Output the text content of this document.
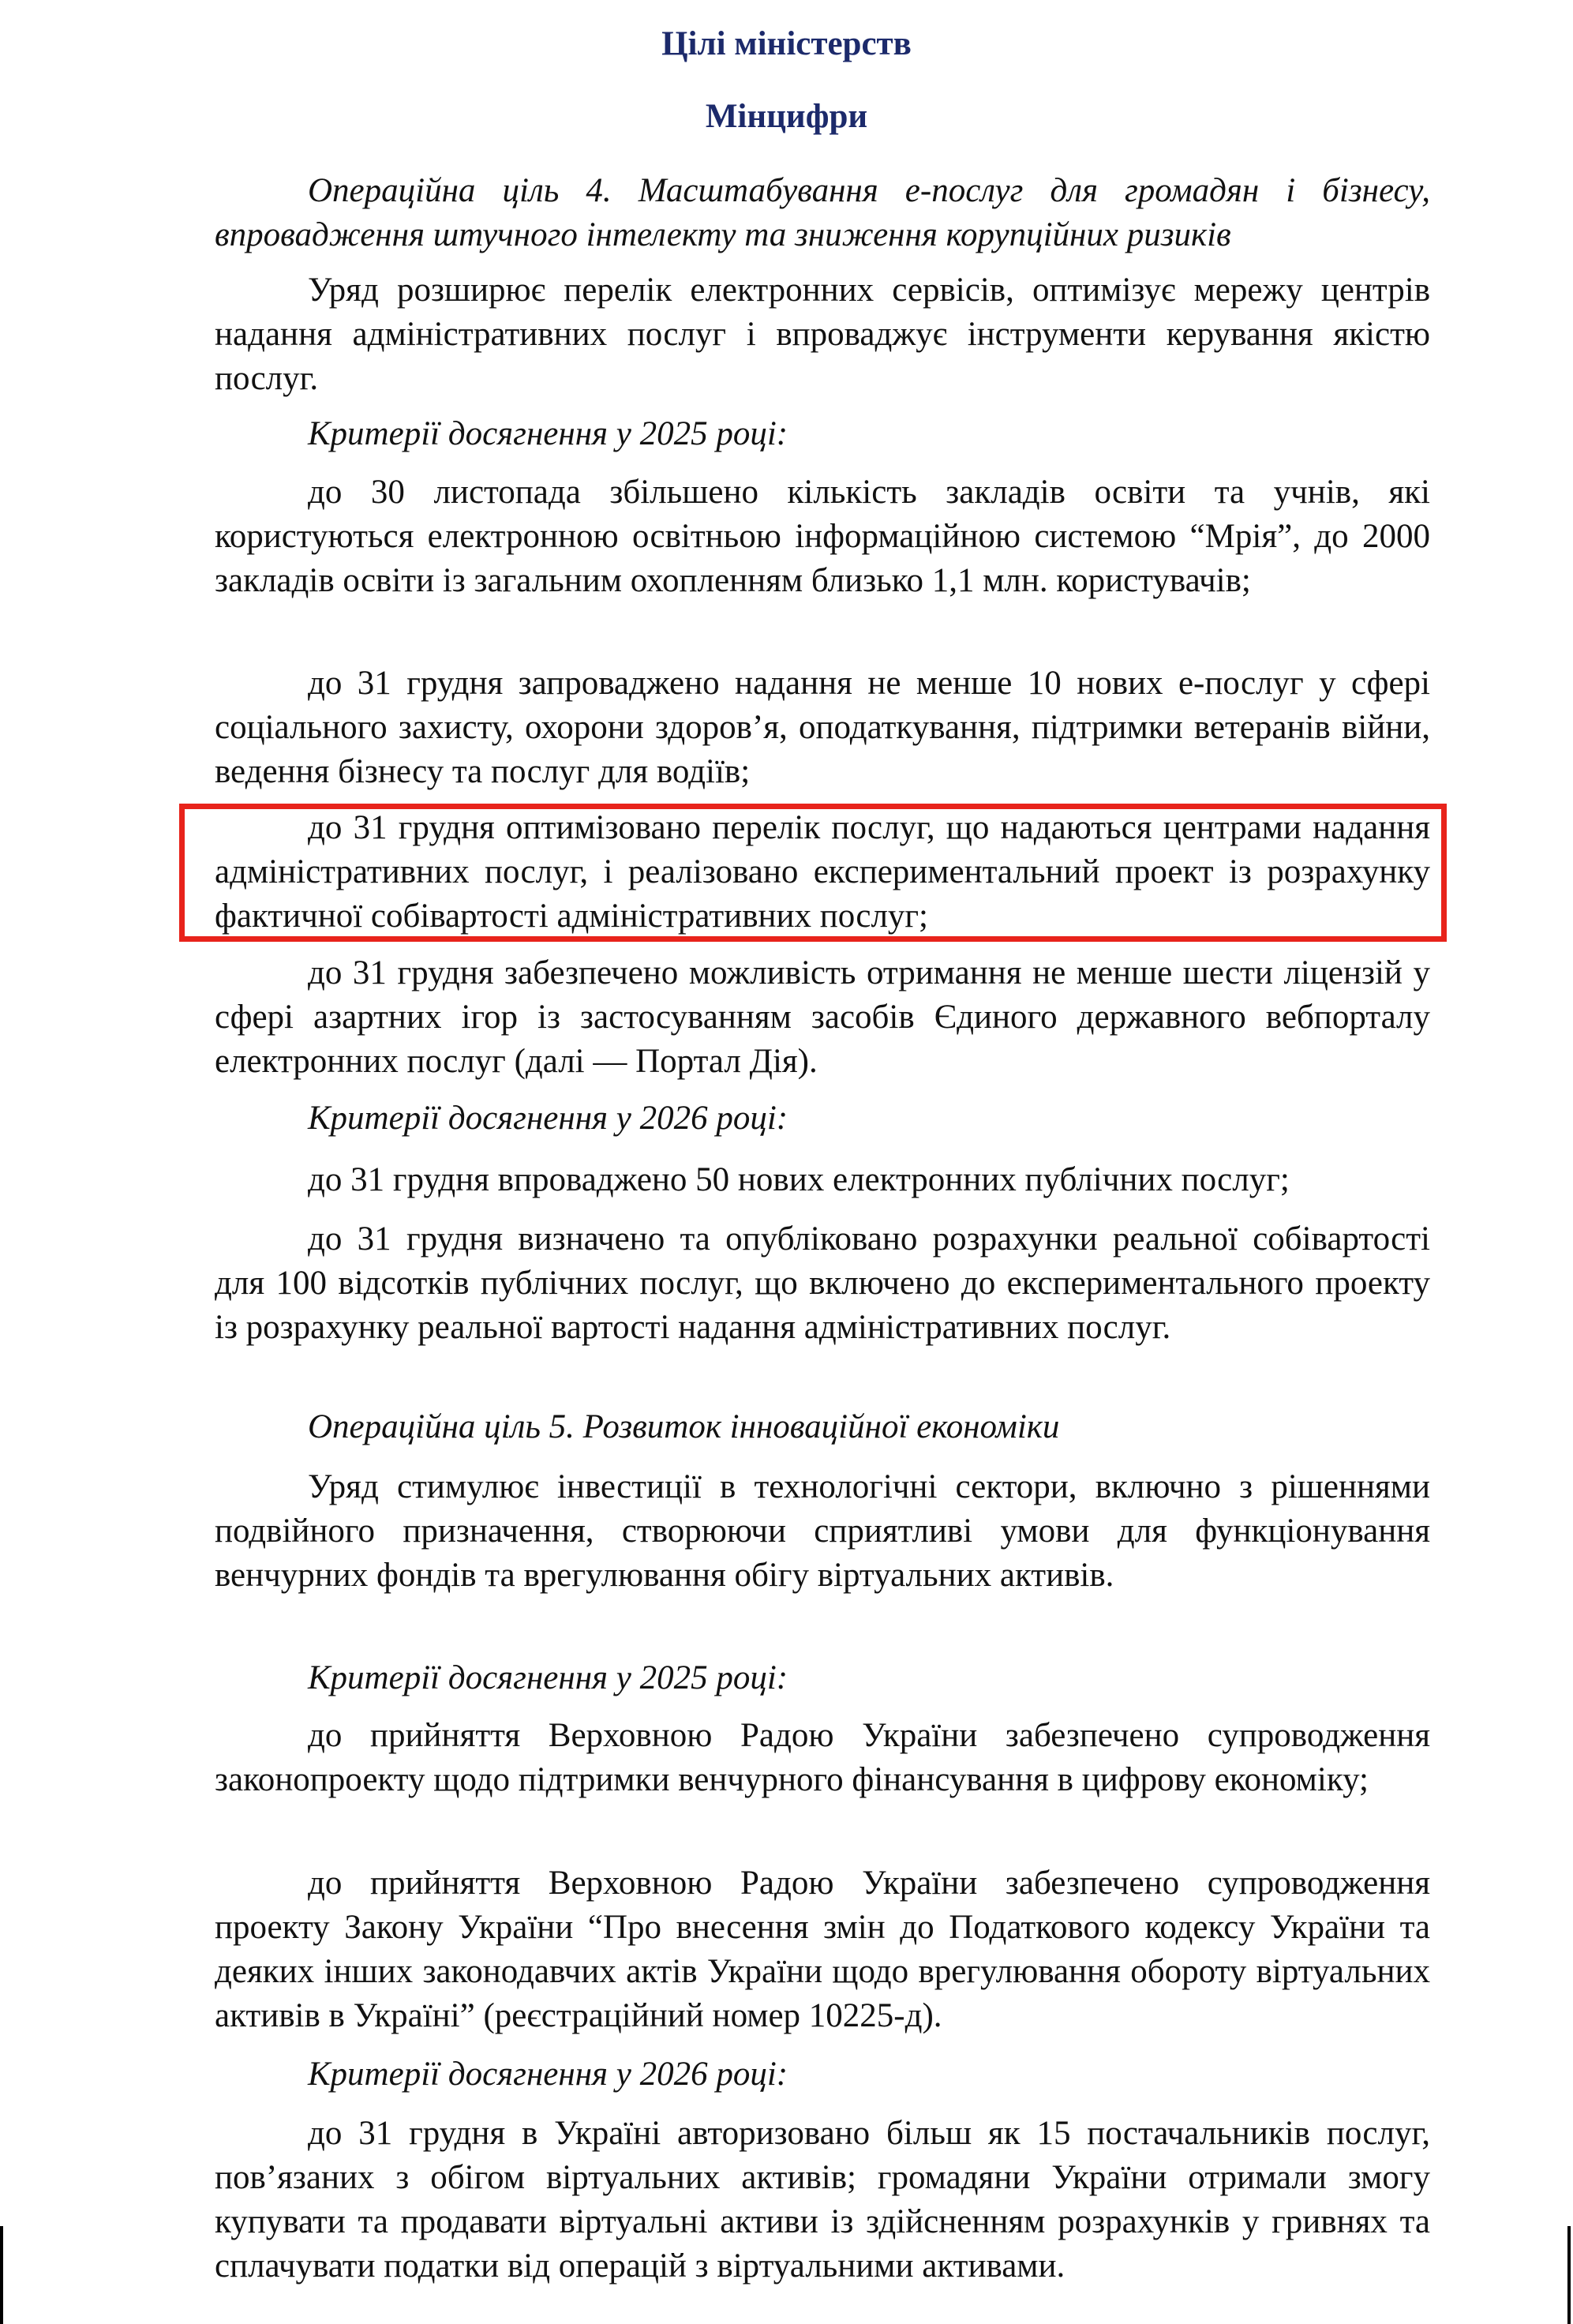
Цілі міністерств
Мінцифри
Операційна ціль 4. Масштабування е-послуг для громадян і бізнесу, впровадження штучного інтелекту та зниження корупційних ризиків
Уряд розширює перелік електронних сервісів, оптимізує мережу центрів надання адміністративних послуг і впроваджує інструменти керування якістю послуг.
Критерії досягнення у 2025 році:
до 30 листопада збільшено кількість закладів освіти та учнів, які користуються електронною освітньою інформаційною системою “Мрія”, до 2000 закладів освіти із загальним охопленням близько 1,1 млн. користувачів;
до 31 грудня запроваджено надання не менше 10 нових е-послуг у сфері соціального захисту, охорони здоров’я, оподаткування, підтримки ветеранів війни, ведення бізнесу та послуг для водіїв;
до 31 грудня оптимізовано перелік послуг, що надаються центрами надання адміністративних послуг, і реалізовано експериментальний проект із розрахунку фактичної собівартості адміністративних послуг;
до 31 грудня забезпечено можливість отримання не менше шести ліцензій у сфері азартних ігор із застосуванням засобів Єдиного державного вебпорталу електронних послуг (далі — Портал Дія).
Критерії досягнення у 2026 році:
до 31 грудня впроваджено 50 нових електронних публічних послуг;
до 31 грудня визначено та опубліковано розрахунки реальної собівартості для 100 відсотків публічних послуг, що включено до експериментального проекту із розрахунку реальної вартості надання адміністративних послуг.
Операційна ціль 5. Розвиток інноваційної економіки
Уряд стимулює інвестиції в технологічні сектори, включно з рішеннями подвійного призначення, створюючи сприятливі умови для функціонування венчурних фондів та врегулювання обігу віртуальних активів.
Критерії досягнення у 2025 році:
до прийняття Верховною Радою України забезпечено супроводження законопроекту щодо підтримки венчурного фінансування в цифрову економіку;
до прийняття Верховною Радою України забезпечено супроводження проекту Закону України “Про внесення змін до Податкового кодексу України та деяких інших законодавчих актів України щодо врегулювання обороту віртуальних активів в Україні” (реєстраційний номер 10225-д).
Критерії досягнення у 2026 році:
до 31 грудня в Україні авторизовано більш як 15 постачальників послуг, пов’язаних з обігом віртуальних активів; громадяни України отримали змогу купувати та продавати віртуальні активи із здійсненням розрахунків у гривнях та сплачувати податки від операцій з віртуальними активами.
